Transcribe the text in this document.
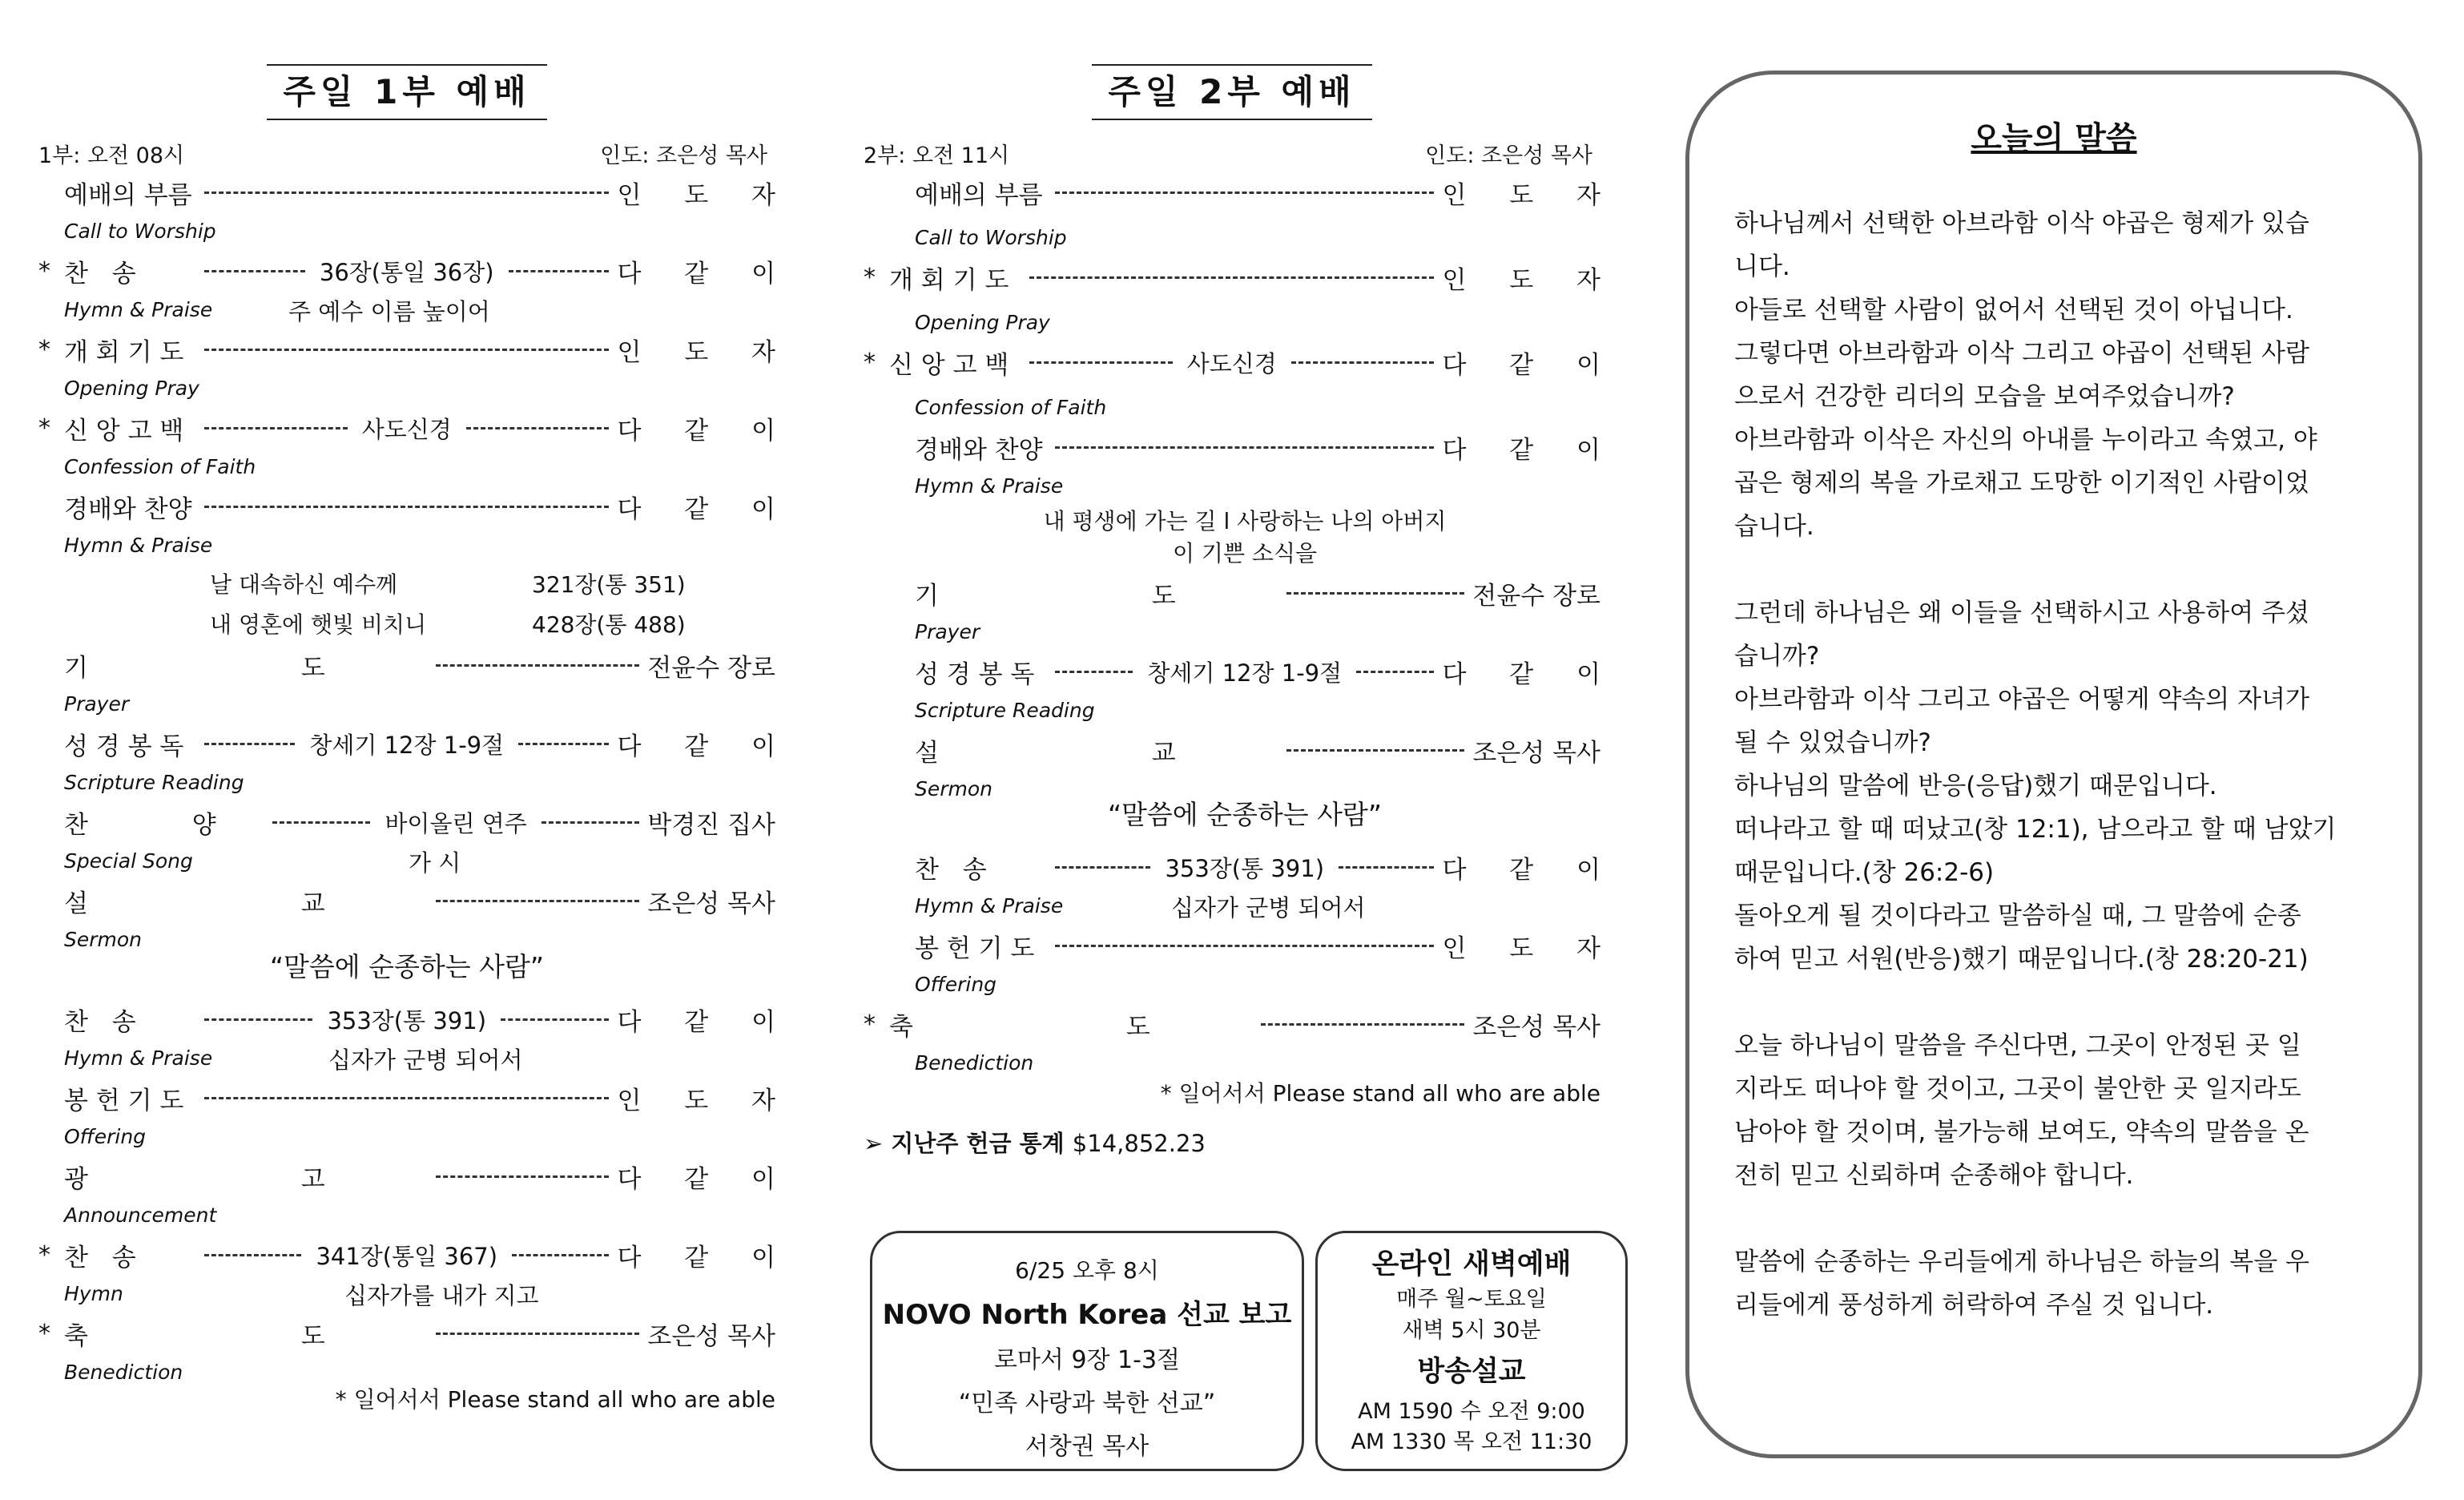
주일 1부 예배
1부: 오전 08시	인도: 조은성 목사
예배의 부름	인 도 자
Call to Worship
* 찬 송	36장(통일 36장)	다 같 이
Hymn & Praise	주 예수 이름 높이어
* 개 회 기 도	인 도 자
Opening Pray
* 신 앙 고 백	사도신경	다 같 이
Confession of Faith
경배와 찬양	다 같 이
Hymn & Praise
날 대속하신 예수께	321장(통 351)
내 영혼에 햇빛 비치니	428장(통 488)
기 도	전윤수 장로
Prayer
성 경 봉 독	창세기 12장 1-9절	다 같 이
Scripture Reading
찬 양	바이올린 연주	박경진 집사
Special Song	가 시
설 교	조은성 목사
Sermon
“말씀에 순종하는 사람”
찬 송	353장(통 391)	다 같 이
Hymn & Praise	십자가 군병 되어서
봉 헌 기 도	인 도 자
Offering
광 고	다 같 이
Announcement
* 찬 송	341장(통일 367)	다 같 이
Hymn	십자가를 내가 지고
* 축 도	조은성 목사
Benediction
* 일어서서 Please stand all who are able
주일 2부 예배
2부: 오전 11시	인도: 조은성 목사
예배의 부름	인 도 자
Call to Worship
* 개 회 기 도	인 도 자
Opening Pray
* 신 앙 고 백	사도신경	다 같 이
Confession of Faith
경배와 찬양	다 같 이
Hymn & Praise
내 평생에 가는 길 l 사랑하는 나의 아버지
이 기쁜 소식을
기 도	전윤수 장로
Prayer
성 경 봉 독	창세기 12장 1-9절	다 같 이
Scripture Reading
설 교	조은성 목사
Sermon
“말씀에 순종하는 사람”
찬 송	353장(통 391)	다 같 이
Hymn & Praise	십자가 군병 되어서
봉 헌 기 도	인 도 자
Offering
* 축 도	조은성 목사
Benediction
* 일어서서 Please stand all who are able
➢ 지난주 헌금 통계 $14,852.23
6/25 오후 8시
NOVO North Korea 선교 보고
로마서 9장 1-3절
“민족 사랑과 북한 선교”
서창권 목사
온라인 새벽예배
매주 월~토요일
새벽 5시 30분
방송설교
AM 1590 수 오전 9:00
AM 1330 목 오전 11:30
오늘의 말씀
하나님께서 선택한 아브라함 이삭 야곱은 형제가 있습
니다.
아들로 선택할 사람이 없어서 선택된 것이 아닙니다.
그렇다면 아브라함과 이삭 그리고 야곱이 선택된 사람
으로서 건강한 리더의 모습을 보여주었습니까?
아브라함과 이삭은 자신의 아내를 누이라고 속였고, 야
곱은 형제의 복을 가로채고 도망한 이기적인 사람이었
습니다.
그런데 하나님은 왜 이들을 선택하시고 사용하여 주셨
습니까?
아브라함과 이삭 그리고 야곱은 어떻게 약속의 자녀가
될 수 있었습니까?
하나님의 말씀에 반응(응답)했기 때문입니다.
떠나라고 할 때 떠났고(창 12:1), 남으라고 할 때 남았기
때문입니다.(창 26:2-6)
돌아오게 될 것이다라고 말씀하실 때, 그 말씀에 순종
하여 믿고 서원(반응)했기 때문입니다.(창 28:20-21)
오늘 하나님이 말씀을 주신다면, 그곳이 안정된 곳 일
지라도 떠나야 할 것이고, 그곳이 불안한 곳 일지라도
남아야 할 것이며, 불가능해 보여도, 약속의 말씀을 온
전히 믿고 신뢰하며 순종해야 합니다.
말씀에 순종하는 우리들에게 하나님은 하늘의 복을 우
리들에게 풍성하게 허락하여 주실 것 입니다.
